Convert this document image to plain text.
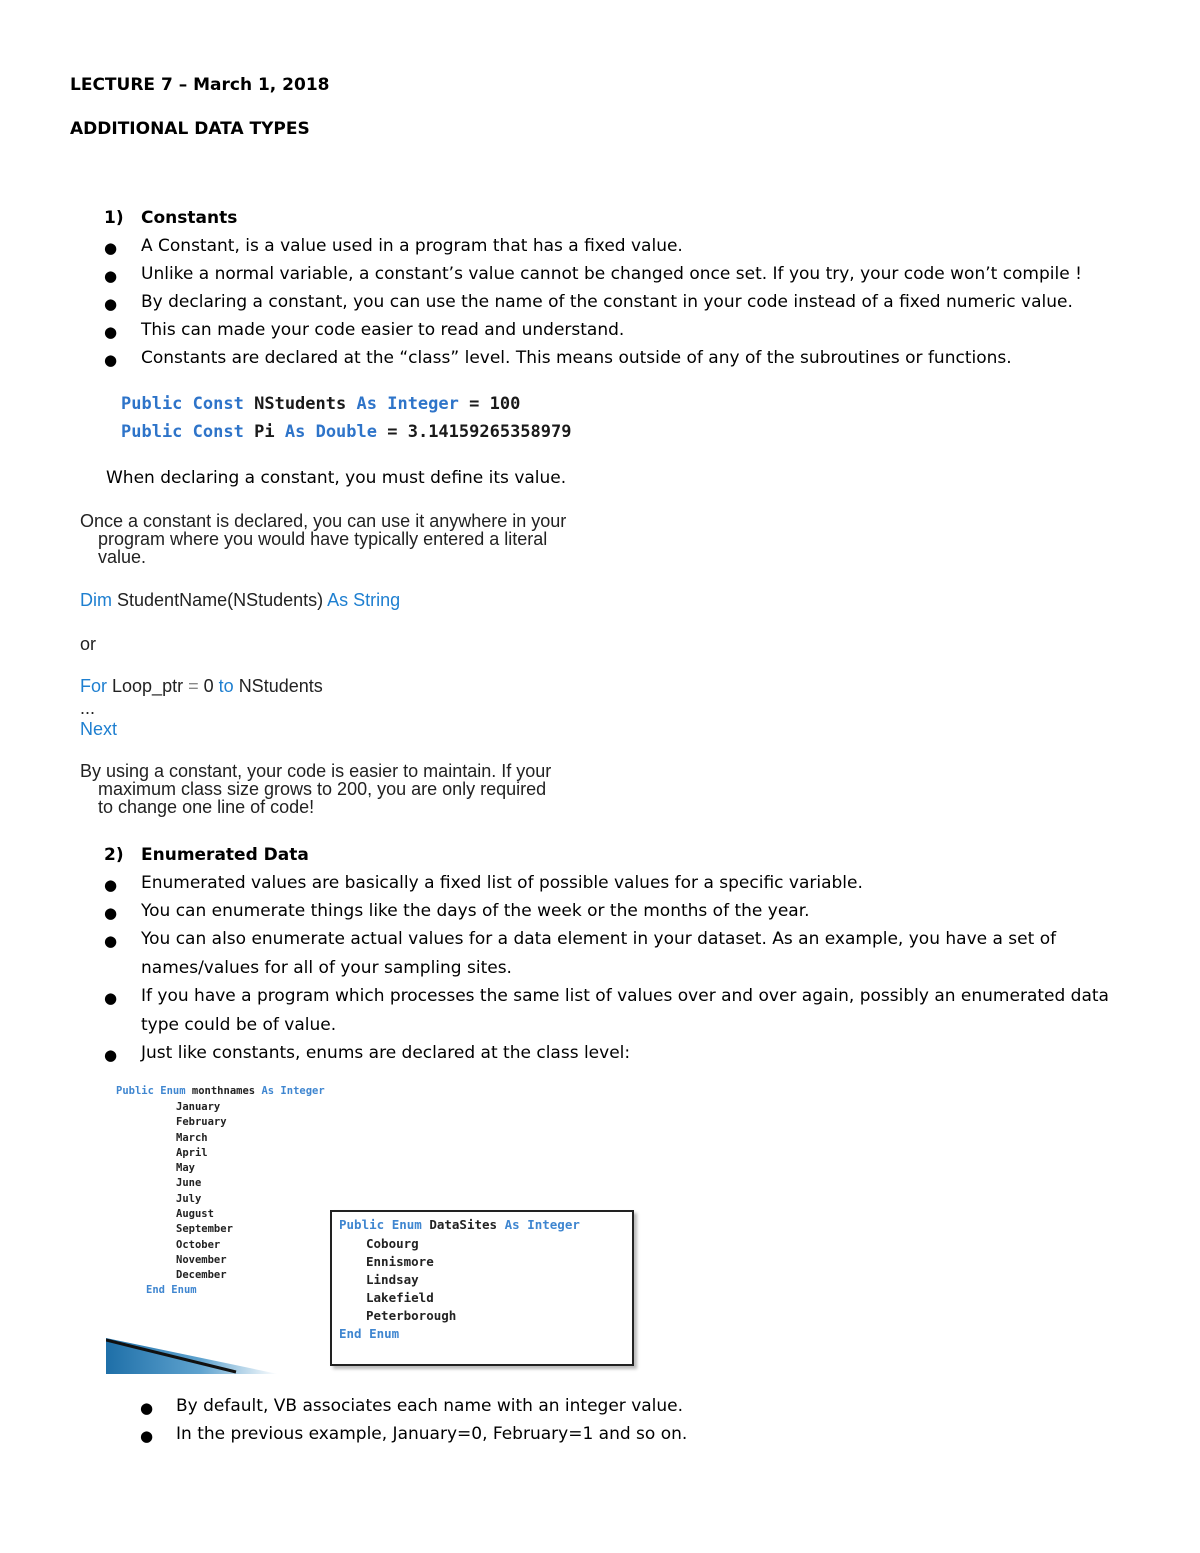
LECTURE 7 – March 1, 2018
ADDITIONAL DATA TYPES
1) Constants
● A Constant, is a value used in a program that has a fixed value.
● Unlike a normal variable, a constant’s value cannot be changed once set. If you try, your code won’t compile !
● By declaring a constant, you can use the name of the constant in your code instead of a fixed numeric value.
● This can made your code easier to read and understand.
● Constants are declared at the “class” level. This means outside of any of the subroutines or functions.
Public Const NStudents As Integer = 100
Public Const Pi As Double = 3.14159265358979
When declaring a constant, you must define its value.
Once a constant is declared, you can use it anywhere in your
program where you would have typically entered a literal
value.
Dim StudentName(NStudents) As String
or
For Loop_ptr = 0 to NStudents
...
Next
By using a constant, your code is easier to maintain. If your
maximum class size grows to 200, you are only required
to change one line of code!
2) Enumerated Data
● Enumerated values are basically a fixed list of possible values for a specific variable.
● You can enumerate things like the days of the week or the months of the year.
● You can also enumerate actual values for a data element in your dataset. As an example, you have a set of
names/values for all of your sampling sites.
● If you have a program which processes the same list of values over and over again, possibly an enumerated data
type could be of value.
● Just like constants, enums are declared at the class level:
Public Enum monthnames As Integer
January
February
March
April
May
June
July
August
September
October
November
December
End Enum
Public Enum DataSites As Integer
Cobourg
Ennismore
Lindsay
Lakefield
Peterborough
End Enum
● By default, VB associates each name with an integer value.
● In the previous example, January=0, February=1 and so on.
